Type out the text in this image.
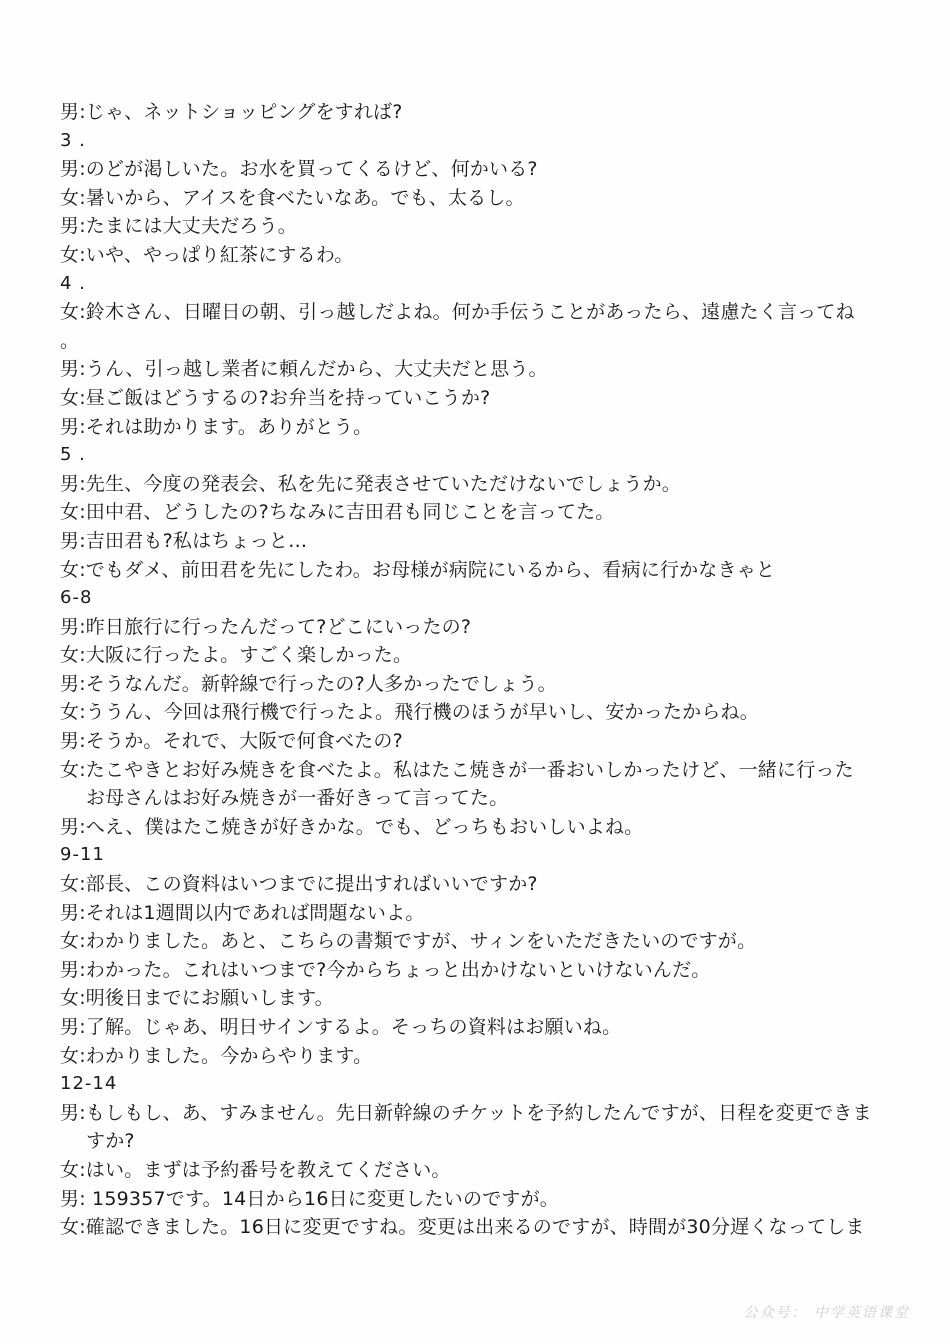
男:じゃ、ネットショッピングをすれば?
3 .
男:のどが渇しいた。お水を買ってくるけど、何かいる?
女:暑いから、アイスを食べたいなあ。でも、太るし。
男:たまには大丈夫だろう。
女:いや、やっぱり紅茶にするわ。
4 .
女:鈴木さん、日曜日の朝、引っ越しだよね。何か手伝うことがあったら、遠慮たく言ってね
。
男:うん、引っ越し業者に頼んだから、大丈夫だと思う。
女:昼ご飯はどうするの?お弁当を持っていこうか?
男:それは助かります。ありがとう。
5 .
男:先生、今度の発表会、私を先に発表させていただけないでしょうか。
女:田中君、どうしたの?ちなみに吉田君も同じことを言ってた。
男:吉田君も?私はちょっと…
女:でもダメ、前田君を先にしたわ。お母様が病院にいるから、看病に行かなきゃと
6-8
男:昨日旅行に行ったんだって?どこにいったの?
女:大阪に行ったよ。すごく楽しかった。
男:そうなんだ。新幹線で行ったの?人多かったでしょう。
女:ううん、今回は飛行機で行ったよ。飛行機のほうが早いし、安かったからね。
男:そうか。それで、大阪で何食べたの?
女:たこやきとお好み焼きを食べたよ。私はたこ焼きが一番おいしかったけど、一緒に行った
お母さんはお好み焼きが一番好きって言ってた。
男:へえ、僕はたこ焼きが好きかな。でも、どっちもおいしいよね。
9-11
女:部長、この資料はいつまでに提出すればいいですか?
男:それは1週間以内であれば問題ないよ。
女:わかりました。あと、こちらの書類ですが、サィンをいただきたいのですが。
男:わかった。これはいつまで?今からちょっと出かけないといけないんだ。
女:明後日までにお願いします。
男:了解。じゃあ、明日サインするよ。そっちの資料はお願いね。
女:わかりました。今からやります。
12-14
男:もしもし、あ、すみません。先日新幹線のチケットを予約したんですが、日程を変更できま
すか?
女:はい。まずは予約番号を教えてください。
男: 159357です。14日から16日に変更したいのですが。
女:確認できました。16日に変更ですね。変更は出来るのですが、時間が30分遅くなってしま
公众号： 中学英语课堂
